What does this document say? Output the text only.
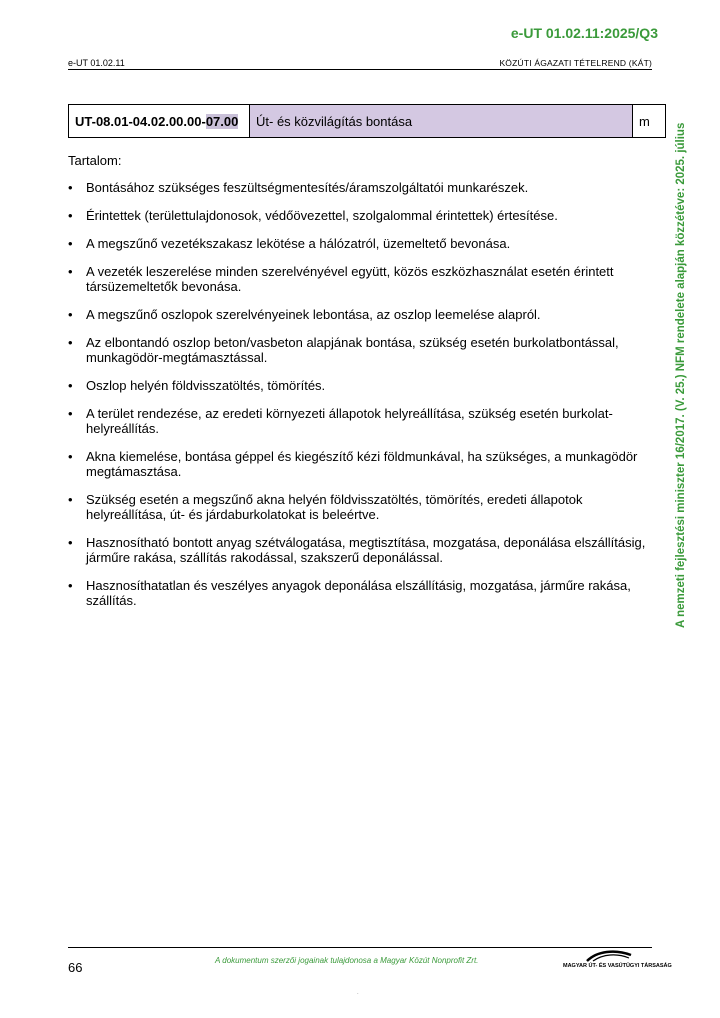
e-UT 01.02.11:2025/Q3
e-UT 01.02.11	KÖZÚTI ÁGAZATI TÉTELREND (KÁT)
A nemzeti fejlesztési miniszter 16/2017. (V. 25.) NFM rendelete alapján közzétéve: 2025. július
UT-08.01-04.02.00.00-07.00	Út- és közvilágítás bontása	m
Tartalom:
• Bontásához szükséges feszültségmentesítés/áramszolgáltatói munkarészek.
• Érintettek (területtulajdonosok, védőövezettel, szolgalommal érintettek) értesítése.
• A megszűnő vezetékszakasz lekötése a hálózatról, üzemeltető bevonása.
• A vezeték leszerelése minden szerelvényével együtt, közös eszközhasználat esetén érintett társüzemeltetők bevonása.
• A megszűnő oszlopok szerelvényeinek lebontása, az oszlop leemelése alapról.
• Az elbontandó oszlop beton/vasbeton alapjának bontása, szükség esetén burkolatbontással, munkagödör-megtámasztással.
• Oszlop helyén földvisszatöltés, tömörítés.
• A terület rendezése, az eredeti környezeti állapotok helyreállítása, szükség esetén burkolat-helyreállítás.
• Akna kiemelése, bontása géppel és kiegészítő kézi földmunkával, ha szükséges, a munkagödör megtámasztása.
• Szükség esetén a megszűnő akna helyén földvisszatöltés, tömörítés, eredeti állapotok helyreállítása, út- és járdaburkolatokat is beleértve.
• Hasznosítható bontott anyag szétválogatása, megtisztítása, mozgatása, deponálása elszállításig, járműre rakása, szállítás rakodással, szakszerű deponálással.
• Hasznosíthatatlan és veszélyes anyagok deponálása elszállításig, mozgatása, járműre rakása, szállítás.
66	A dokumentum szerzői jogainak tulajdonosa a Magyar Közút Nonprofit Zrt.
MAGYAR ÚT- ÉS VASÚTÜGYI TÁRSASÁG
.
